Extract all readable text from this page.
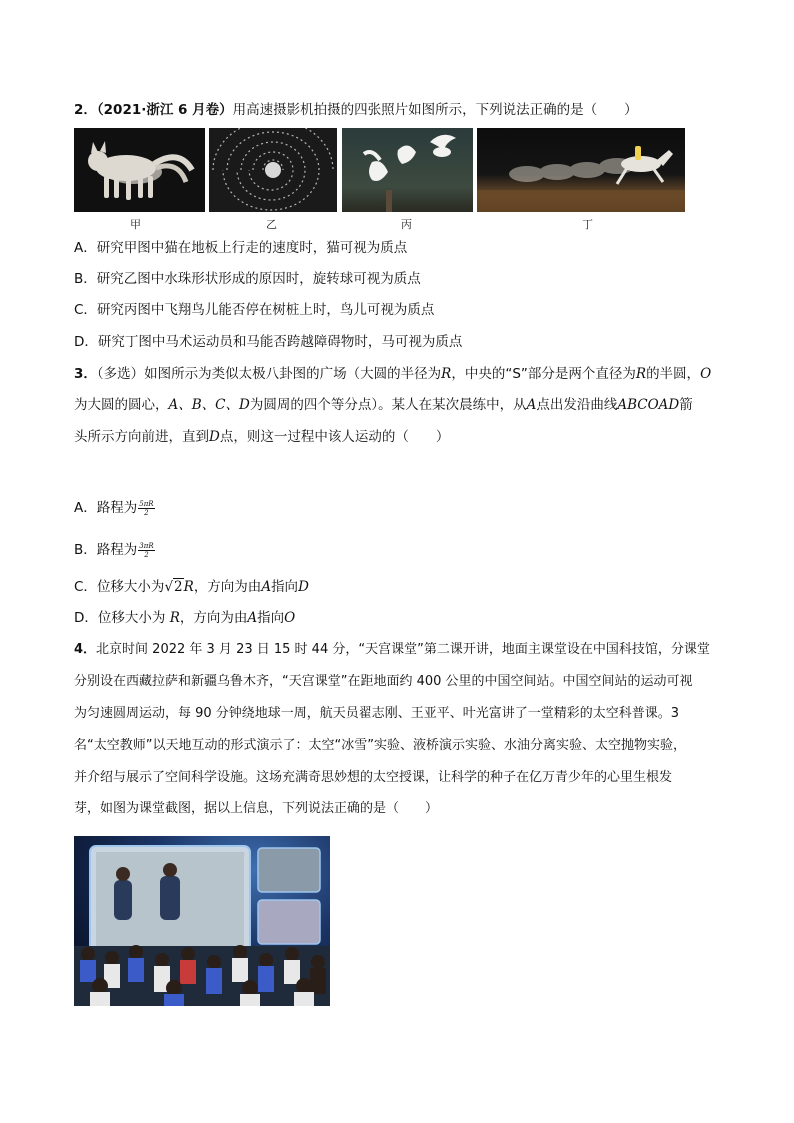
2．（2021·浙江 6 月卷）用高速摄影机拍摄的四张照片如图所示，下列说法正确的是（　　）
甲	乙	丙	丁
A．研究甲图中猫在地板上行走的速度时，猫可视为质点
B．研究乙图中水珠形状形成的原因时，旋转球可视为质点
C．研究丙图中飞翔鸟儿能否停在树桩上时，鸟儿可视为质点
D．研究丁图中马术运动员和马能否跨越障碍物时，马可视为质点
3．（多选）如图所示为类似太极八卦图的广场（大圆的半径为R，中央的“S”部分是两个直径为R的半圆，O
为大圆的圆心，A、B、C、D为圆周的四个等分点）。某人在某次晨练中，从A点出发沿曲线ABCOAD箭
头所示方向前进，直到D点，则这一过程中该人运动的（　　）
A．路程为 $\frac{5\pi R}{2}$
B．路程为 $\frac{3\pi R}{2}$
C．位移大小为√2R，方向为由A指向D
D．位移大小为 R，方向为由A指向O
4．北京时间 2022 年 3 月 23 日 15 时 44 分，“天宫课堂”第二课开讲，地面主课堂设在中国科技馆，分课堂
分别设在西藏拉萨和新疆乌鲁木齐，“天宫课堂”在距地面约 400 公里的中国空间站。中国空间站的运动可视
为匀速圆周运动，每 90 分钟绕地球一周，航天员翟志刚、王亚平、叶光富讲了一堂精彩的太空科普课。3
名“太空教师”以天地互动的形式演示了：太空“冰雪”实验、液桥演示实验、水油分离实验、太空抛物实验，
并介绍与展示了空间科学设施。这场充满奇思妙想的太空授课，让科学的种子在亿万青少年的心里生根发
芽，如图为课堂截图，据以上信息，下列说法正确的是（　　）
